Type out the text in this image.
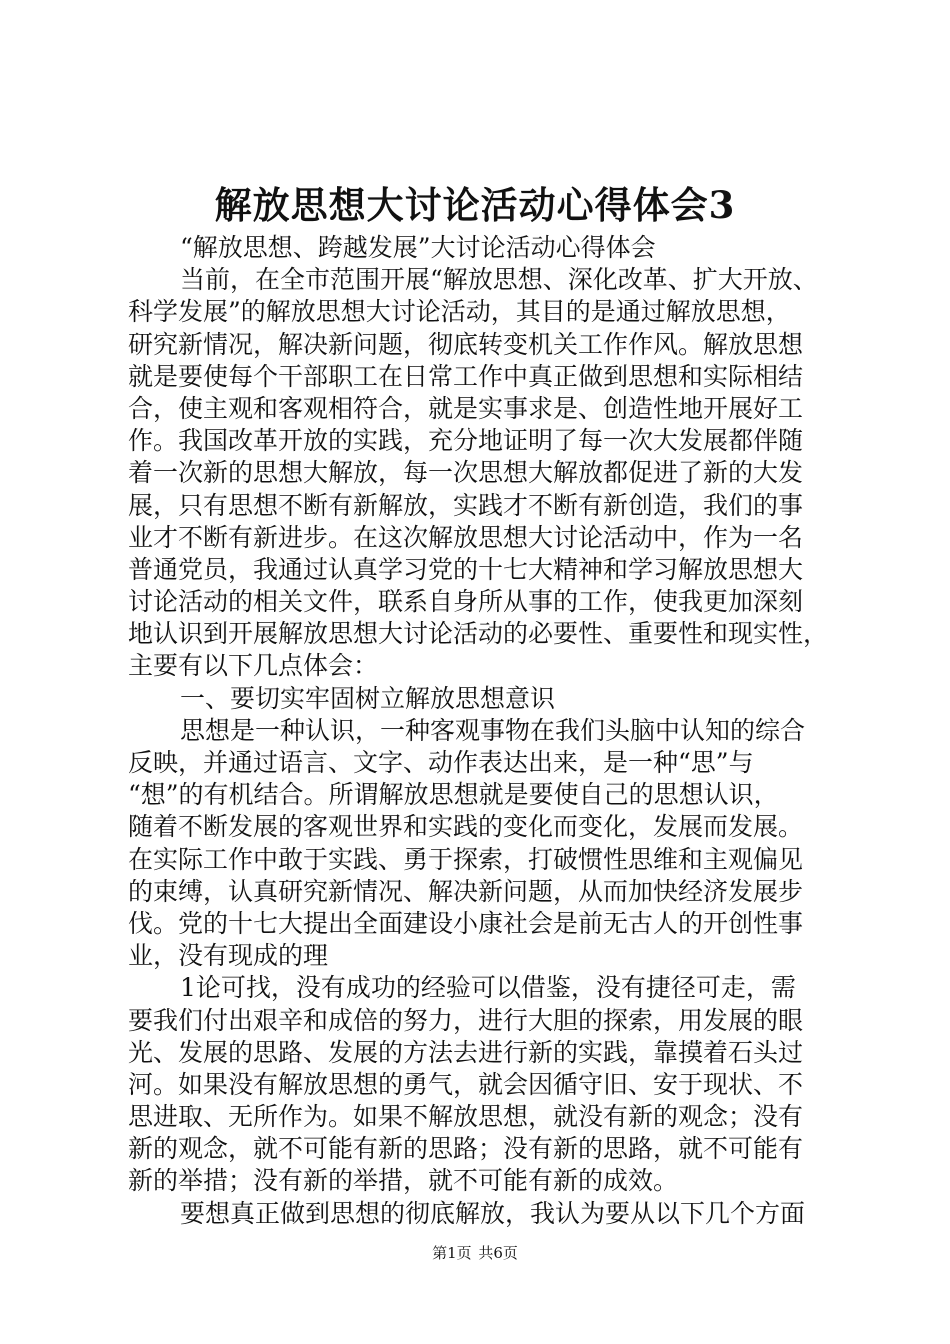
解放思想大讨论活动心得体会3
“解放思想、跨越发展”大讨论活动心得体会
当前，在全市范围开展“解放思想、深化改革、扩大开放、
科学发展”的解放思想大讨论活动，其目的是通过解放思想，
研究新情况，解决新问题，彻底转变机关工作作风。解放思想
就是要使每个干部职工在日常工作中真正做到思想和实际相结
合，使主观和客观相符合，就是实事求是、创造性地开展好工
作。我国改革开放的实践，充分地证明了每一次大发展都伴随
着一次新的思想大解放，每一次思想大解放都促进了新的大发
展，只有思想不断有新解放，实践才不断有新创造，我们的事
业才不断有新进步。在这次解放思想大讨论活动中，作为一名
普通党员，我通过认真学习党的十七大精神和学习解放思想大
讨论活动的相关文件，联系自身所从事的工作，使我更加深刻
地认识到开展解放思想大讨论活动的必要性、重要性和现实性，
主要有以下几点体会：
一、要切实牢固树立解放思想意识
思想是一种认识，一种客观事物在我们头脑中认知的综合
反映，并通过语言、文字、动作表达出来，是一种“思”与
“想”的有机结合。所谓解放思想就是要使自己的思想认识，
随着不断发展的客观世界和实践的变化而变化，发展而发展。
在实际工作中敢于实践、勇于探索，打破惯性思维和主观偏见
的束缚，认真研究新情况、解决新问题，从而加快经济发展步
伐。党的十七大提出全面建设小康社会是前无古人的开创性事
业，没有现成的理
1论可找，没有成功的经验可以借鉴，没有捷径可走，需
要我们付出艰辛和成倍的努力，进行大胆的探索，用发展的眼
光、发展的思路、发展的方法去进行新的实践，靠摸着石头过
河。如果没有解放思想的勇气，就会因循守旧、安于现状、不
思进取、无所作为。如果不解放思想，就没有新的观念；没有
新的观念，就不可能有新的思路；没有新的思路，就不可能有
新的举措；没有新的举措，就不可能有新的成效。
要想真正做到思想的彻底解放，我认为要从以下几个方面
第1页 共6页
